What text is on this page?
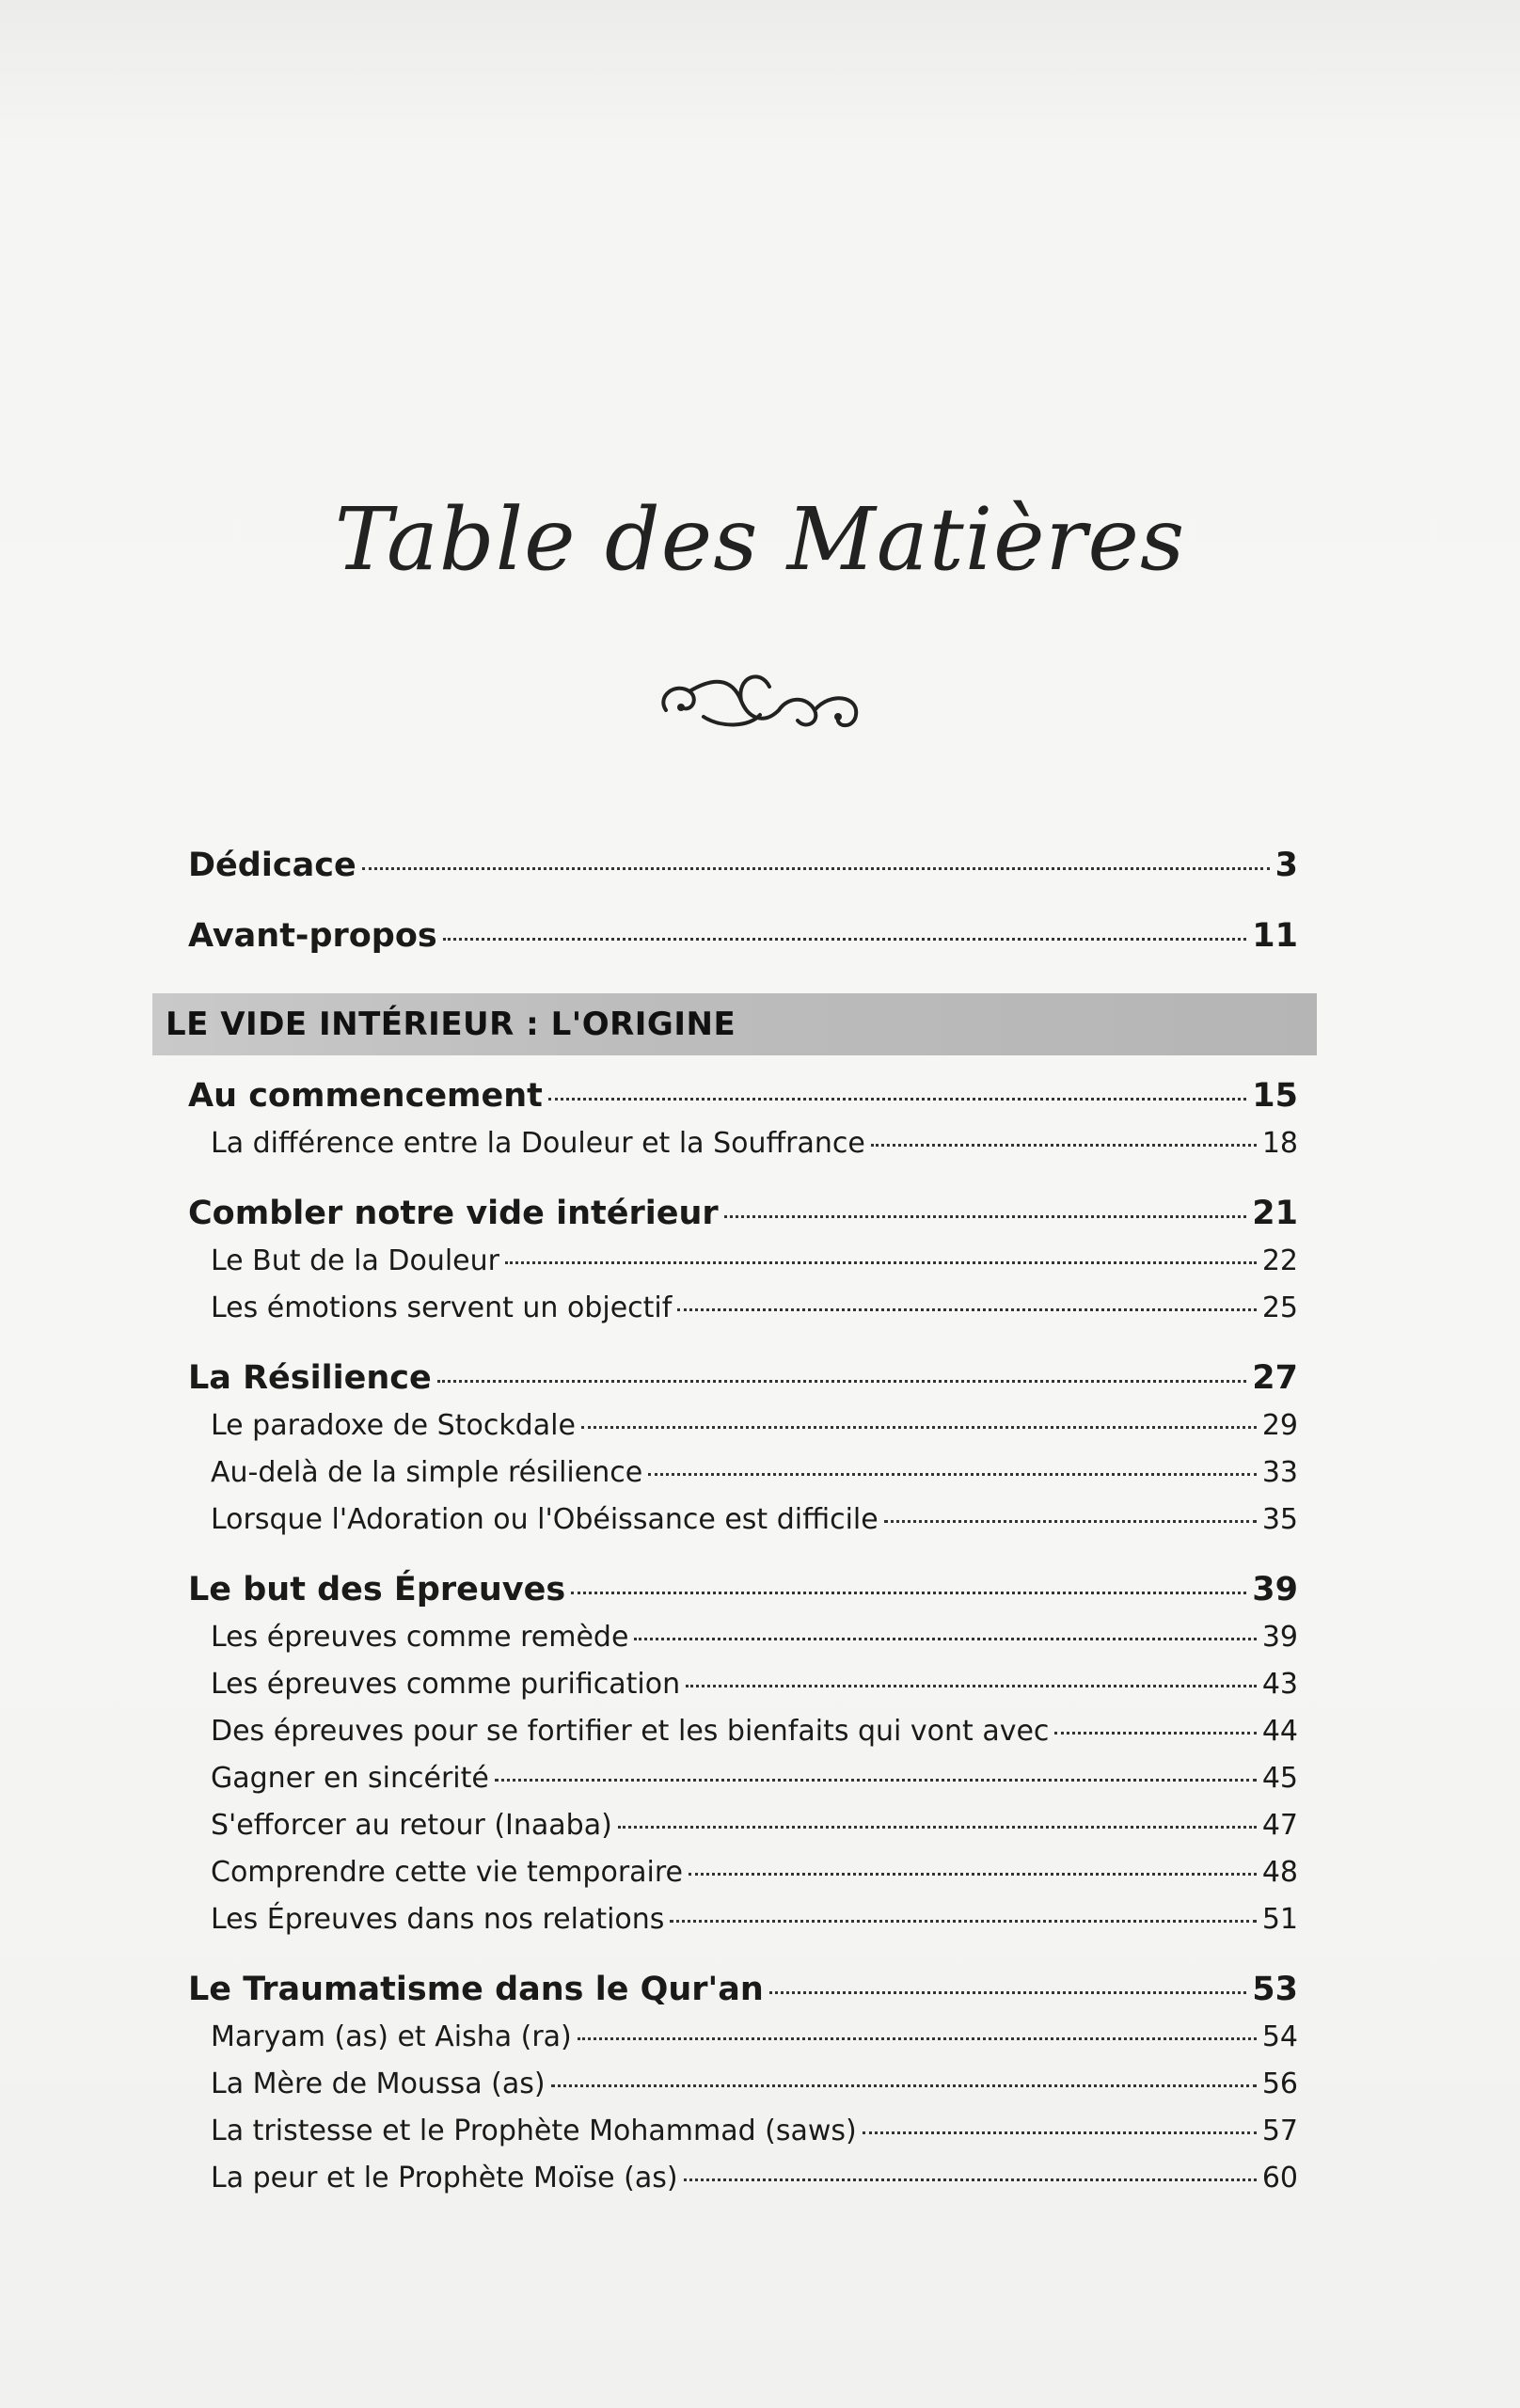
Table des Matières
LE VIDE INTÉRIEUR : L'ORIGINE
Dédicace	3
Avant-propos	11
Au commencement	15
La différence entre la Douleur et la Souffrance	18
Combler notre vide intérieur	21
Le But de la Douleur	22
Les émotions servent un objectif	25
La Résilience	27
Le paradoxe de Stockdale	29
Au-delà de la simple résilience	33
Lorsque l'Adoration ou l'Obéissance est difficile	35
Le but des Épreuves	39
Les épreuves comme remède	39
Les épreuves comme purification	43
Des épreuves pour se fortifier et les bienfaits qui vont avec	44
Gagner en sincérité	45
S'efforcer au retour (Inaaba)	47
Comprendre cette vie temporaire	48
Les Épreuves dans nos relations	51
Le Traumatisme dans le Qur'an	53
Maryam (as) et Aisha (ra)	54
La Mère de Moussa (as)	56
La tristesse et le Prophète Mohammad (saws)	57
La peur et le Prophète Moïse (as)	60
